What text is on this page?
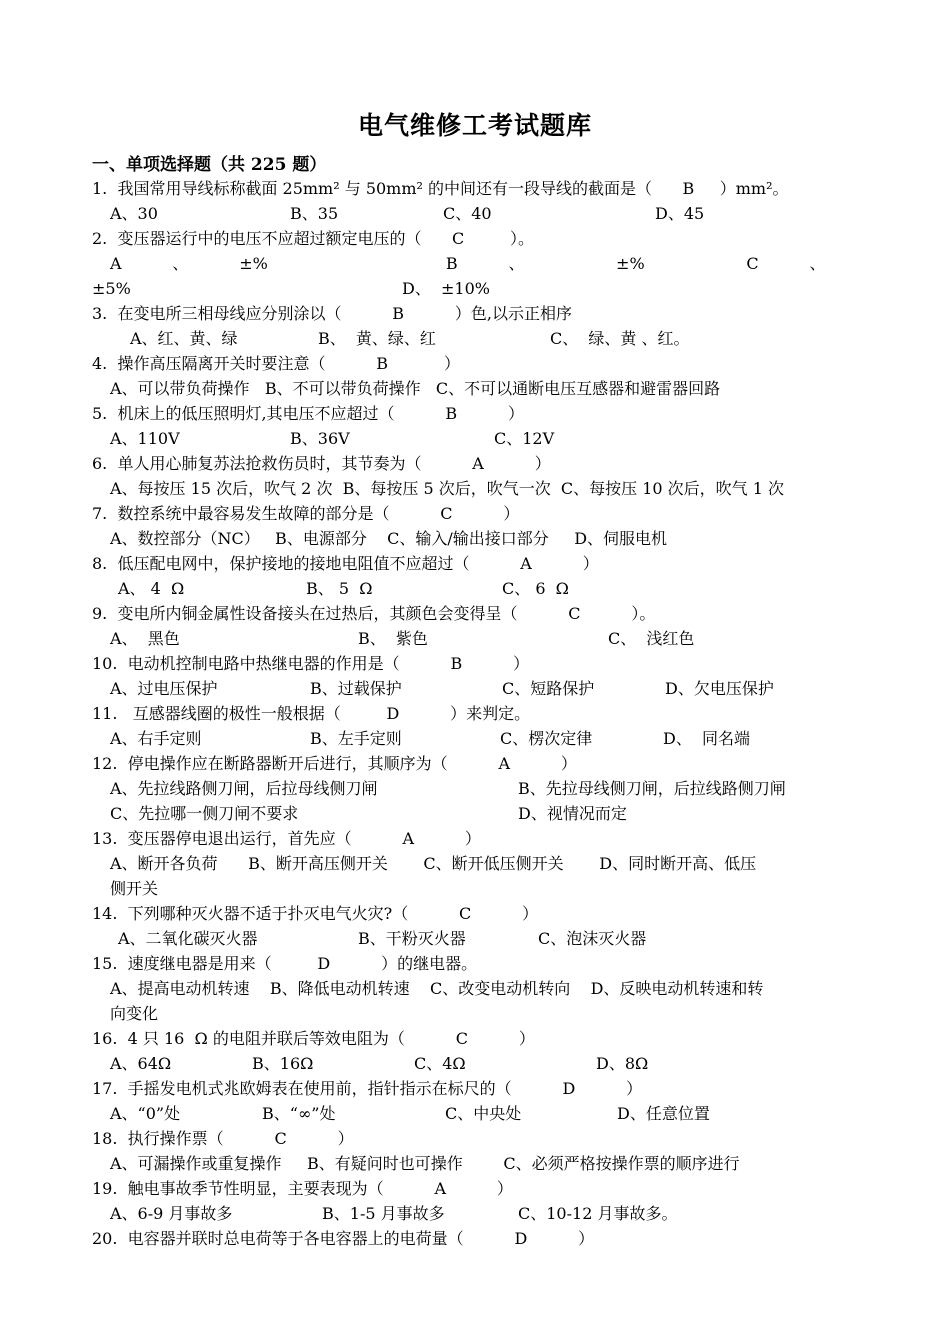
电气维修工考试题库
一、单项选择题（共 225 题）
1.  我国常用导线标称截面 25mm² 与 50mm² 的中间还有一段导线的截面是（      B     ）mm²。
A、30	B、35	C、40	D、45
2.  变压器运行中的电压不应超过额定电压的（      C         ）。
A          、          ±%                                   B          、                  ±%                    C          、
±5%	D、  ±10%
3.  在变电所三相母线应分别涂以（          B          ）色,以示正相序
A、红、黄、绿	B、  黄、绿、红	C、  绿、黄 、红。
4.  操作高压隔离开关时要注意（          B           ）
A、可以带负荷操作   B、不可以带负荷操作   C、不可以通断电压互感器和避雷器回路
5.  机床上的低压照明灯,其电压不应超过（          B          ）
A、110V	B、36V	C、12V
6.  单人用心肺复苏法抢救伤员时，其节奏为（          A          ）
A、每按压 15 次后，吹气 2 次  B、每按压 5 次后，吹气一次  C、每按压 10 次后，吹气 1 次
7.  数控系统中最容易发生故障的部分是（          C          ）
A、数控部分（NC）   B、电源部分    C、输入/输出接口部分     D、伺服电机
8.  低压配电网中，保护接地的接地电阻值不应超过（          A          ）
A、 4  Ω	B、 5  Ω	C、 6  Ω
9.  变电所内铜金属性设备接头在过热后，其颜色会变得呈（          C          ）。
A、  黑色	B、  紫色	C、  浅红色
10.  电动机控制电路中热继电器的作用是（          B          ）
A、过电压保护	B、过载保护	C、短路保护	D、欠电压保护
11.   互感器线圈的极性一般根据（         D          ）来判定。
A、右手定则	B、左手定则	C、楞次定律	D、  同名端
12.  停电操作应在断路器断开后进行，其顺序为（          A          ）
A、先拉线路侧刀闸，后拉母线侧刀闸	B、先拉母线侧刀闸，后拉线路侧刀闸
C、先拉哪一侧刀闸不要求	D、视情况而定
13.  变压器停电退出运行，首先应（          A          ）
A、断开各负荷      B、断开高压侧开关       C、断开低压侧开关       D、同时断开高、低压
侧开关
14.  下列哪种灭火器不适于扑灭电气火灾?（          C          ）
A、二氧化碳灭火器	B、干粉灭火器	C、泡沫灭火器
15.  速度继电器是用来（         D          ）的继电器。
A、提高电动机转速    B、降低电动机转速    C、改变电动机转向    D、反映电动机转速和转
向变化
16.  4 只 16  Ω 的电阻并联后等效电阻为（          C          ）
A、64Ω	B、16Ω	C、4Ω	D、8Ω
17.  手摇发电机式兆欧姆表在使用前，指针指示在标尺的（          D          ）
A、“0”处	B、“∞”处	C、中央处	D、任意位置
18.  执行操作票（          C          ）
A、可漏操作或重复操作     B、有疑问时也可操作        C、必须严格按操作票的顺序进行
19.  触电事故季节性明显，主要表现为（          A          ）
A、6-9 月事故多	B、1-5 月事故多	C、10-12 月事故多。
20.  电容器并联时总电荷等于各电容器上的电荷量（          D          ）
